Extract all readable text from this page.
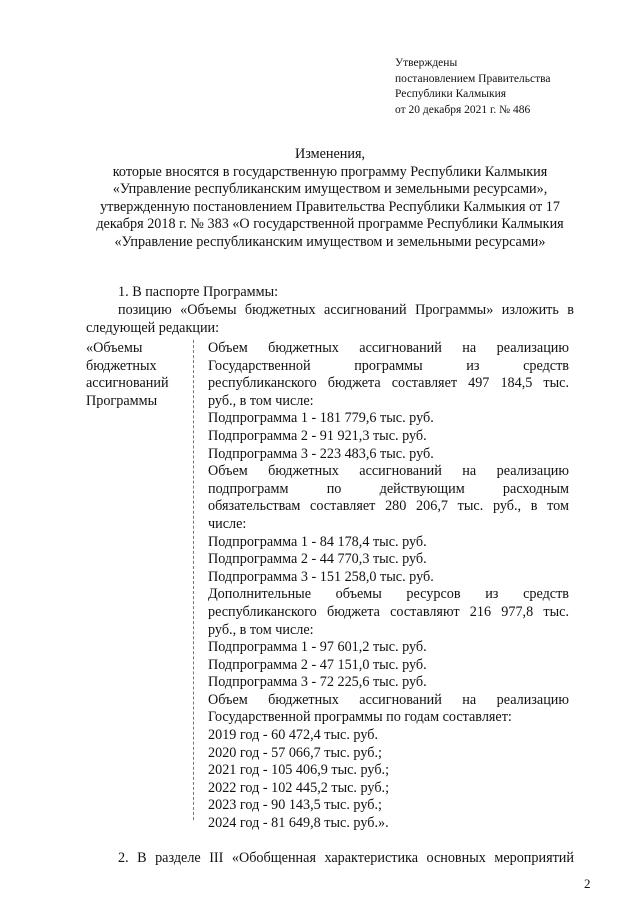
Утверждены
постановлением Правительства
Республики Калмыкия
от 20 декабря 2021 г. № 486
Изменения,
которые вносятся в государственную программу Республики Калмыкия
«Управление республиканским имуществом и земельными ресурсами»,
утвержденную постановлением Правительства Республики Калмыкия от 17
декабря 2018 г. № 383 «О государственной программе Республики Калмыкия
«Управление республиканским имуществом и земельными ресурсами»
1. В паспорте Программы:
позицию «Объемы бюджетных ассигнований Программы» изложить в
следующей редакции:
«Объемы
бюджетных
ассигнований
Программы
Объем бюджетных ассигнований на реализацию
Государственной программы из средств
республиканского бюджета составляет 497 184,5 тыс.
руб., в том числе:
Подпрограмма 1 - 181 779,6 тыс. руб.
Подпрограмма 2 - 91 921,3 тыс. руб.
Подпрограмма 3 - 223 483,6 тыс. руб.
Объем бюджетных ассигнований на реализацию
подпрограмм по действующим расходным
обязательствам составляет 280 206,7 тыс. руб., в том
числе:
Подпрограмма 1 - 84 178,4 тыс. руб.
Подпрограмма 2 - 44 770,3 тыс. руб.
Подпрограмма 3 - 151 258,0 тыс. руб.
Дополнительные объемы ресурсов из средств
республиканского бюджета составляют 216 977,8 тыс.
руб., в том числе:
Подпрограмма 1 - 97 601,2 тыс. руб.
Подпрограмма 2 - 47 151,0 тыс. руб.
Подпрограмма 3 - 72 225,6 тыс. руб.
Объем бюджетных ассигнований на реализацию
Государственной программы по годам составляет:
2019 год - 60 472,4 тыс. руб.
2020 год - 57 066,7 тыс. руб.;
2021 год - 105 406,9 тыс. руб.;
2022 год - 102 445,2 тыс. руб.;
2023 год - 90 143,5 тыс. руб.;
2024 год - 81 649,8 тыс. руб.».
2. В разделе III «Обобщенная характеристика основных мероприятий
2
